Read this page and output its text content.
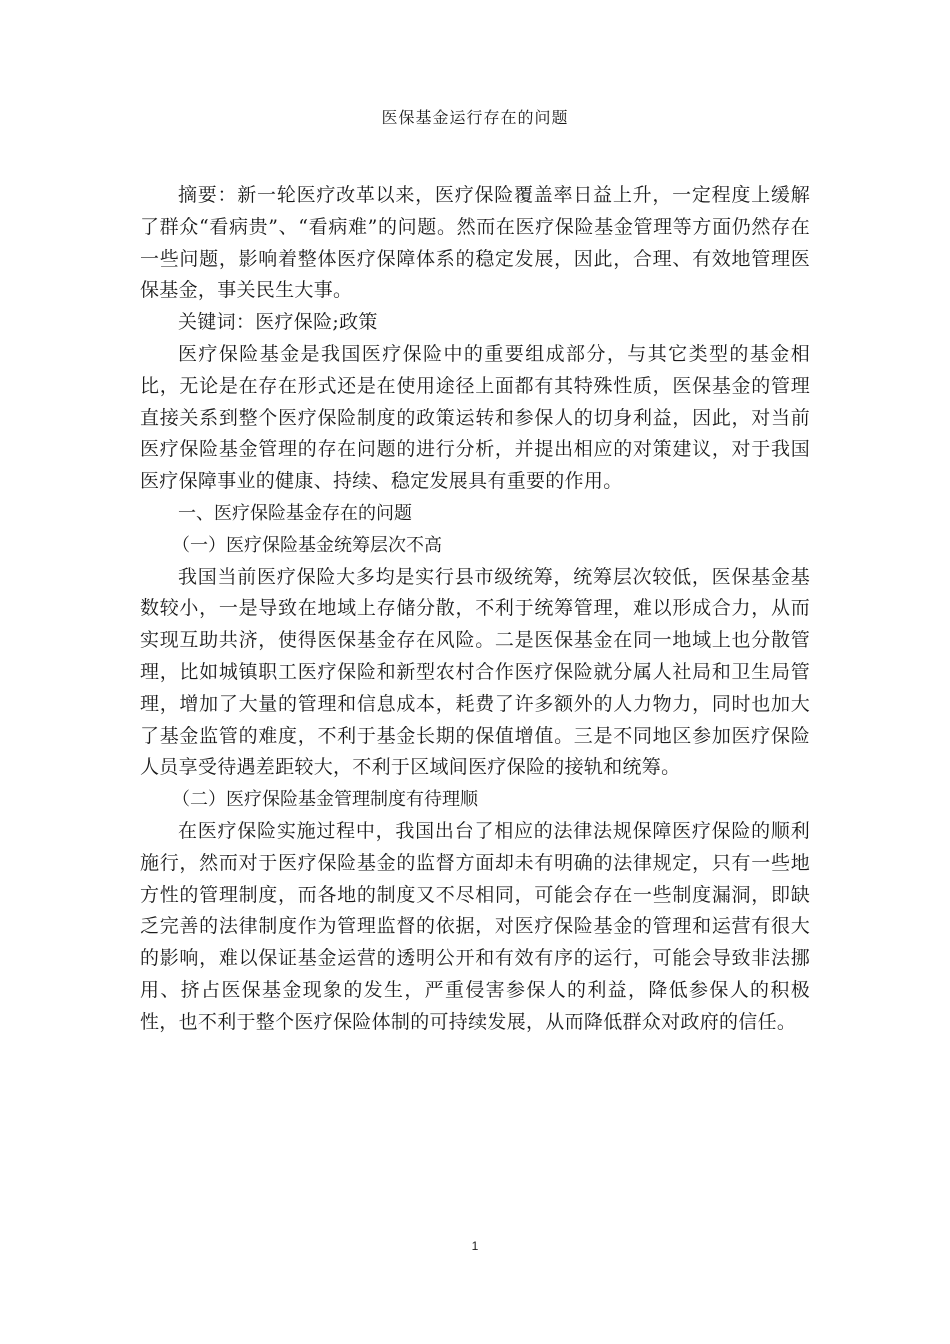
医保基金运行存在的问题

摘要：新一轮医疗改革以来，医疗保险覆盖率日益上升，一定程度上缓解了群众“看病贵”、“看病难”的问题。然而在医疗保险基金管理等方面仍然存在一些问题，影响着整体医疗保障体系的稳定发展，因此，合理、有效地管理医保基金，事关民生大事。

关键词：医疗保险;政策

医疗保险基金是我国医疗保险中的重要组成部分，与其它类型的基金相比，无论是在存在形式还是在使用途径上面都有其特殊性质，医保基金的管理直接关系到整个医疗保险制度的政策运转和参保人的切身利益，因此，对当前医疗保险基金管理的存在问题的进行分析，并提出相应的对策建议，对于我国医疗保障事业的健康、持续、稳定发展具有重要的作用。

一、医疗保险基金存在的问题

（一）医疗保险基金统筹层次不高

我国当前医疗保险大多均是实行县市级统筹，统筹层次较低，医保基金基数较小，一是导致在地域上存储分散，不利于统筹管理，难以形成合力，从而实现互助共济，使得医保基金存在风险。二是医保基金在同一地域上也分散管理，比如城镇职工医疗保险和新型农村合作医疗保险就分属人社局和卫生局管理，增加了大量的管理和信息成本，耗费了许多额外的人力物力，同时也加大了基金监管的难度，不利于基金长期的保值增值。三是不同地区参加医疗保险人员享受待遇差距较大，不利于区域间医疗保险的接轨和统筹。

（二）医疗保险基金管理制度有待理顺

在医疗保险实施过程中，我国出台了相应的法律法规保障医疗保险的顺利施行，然而对于医疗保险基金的监督方面却未有明确的法律规定，只有一些地方性的管理制度，而各地的制度又不尽相同，可能会存在一些制度漏洞，即缺乏完善的法律制度作为管理监督的依据，对医疗保险基金的管理和运营有很大的影响，难以保证基金运营的透明公开和有效有序的运行，可能会导致非法挪用、挤占医保基金现象的发生，严重侵害参保人的利益，降低参保人的积极性，也不利于整个医疗保险体制的可持续发展，从而降低群众对政府的信任。

1
